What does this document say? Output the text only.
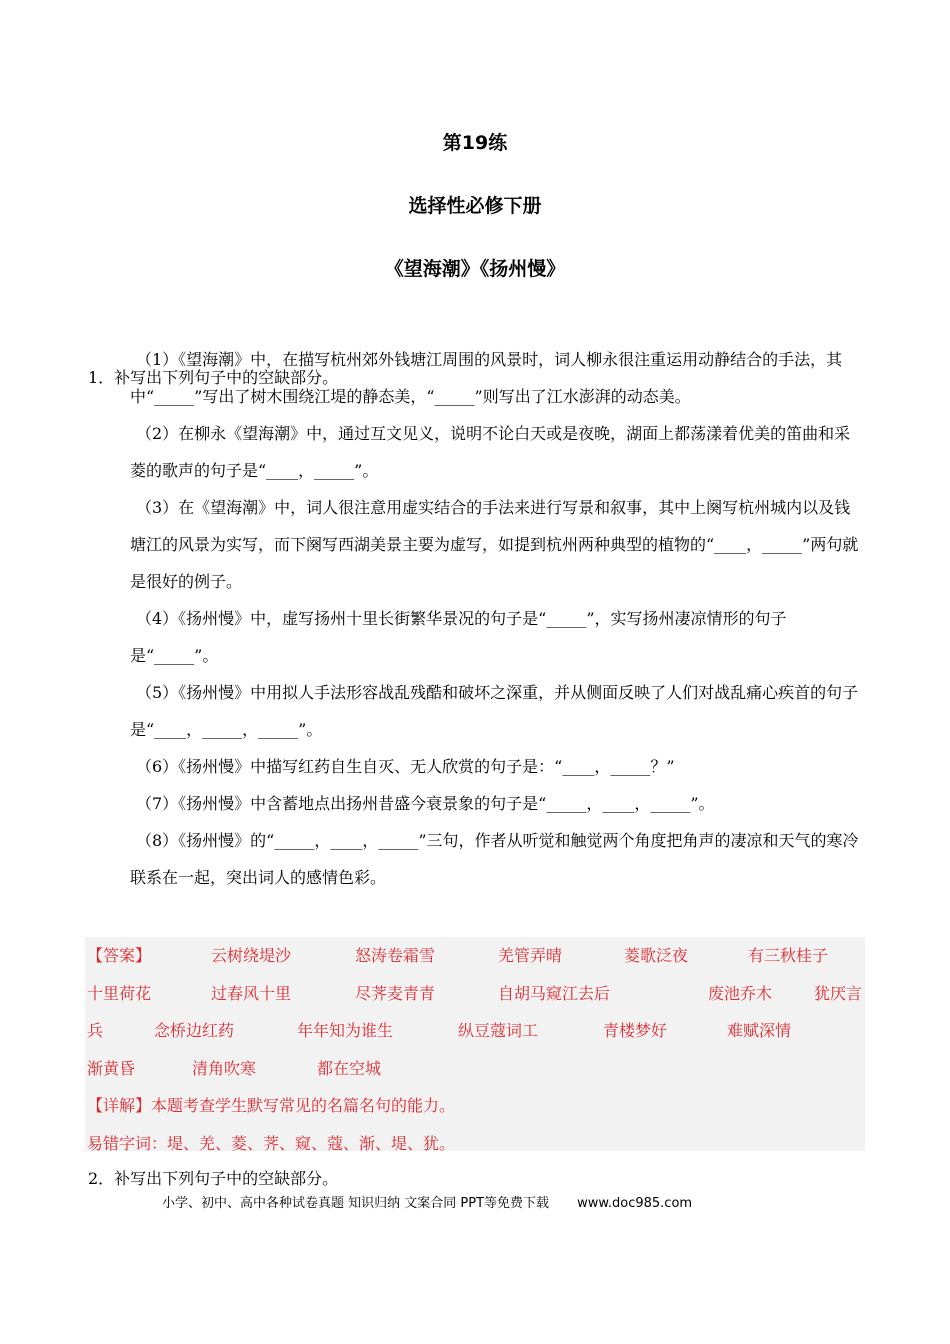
第19练
选择性必修下册
《望海潮》《扬州慢》
1．补写出下列句子中的空缺部分。
（1）《望海潮》中，在描写杭州郊外钱塘江周围的风景时，词人柳永很注重运用动静结合的手法，其中“_____”写出了树木围绕江堤的静态美，“_____”则写出了江水澎湃的动态美。
（2）在柳永《望海潮》中，通过互文见义，说明不论白天或是夜晚，湖面上都荡漾着优美的笛曲和采菱的歌声的句子是“____，_____”。
（3）在《望海潮》中，词人很注意用虚实结合的手法来进行写景和叙事，其中上阕写杭州城内以及钱塘江的风景为实写，而下阕写西湖美景主要为虚写，如提到杭州两种典型的植物的“____，_____”两句就是很好的例子。
（4）《扬州慢》中，虚写扬州十里长街繁华景况的句子是“_____”，实写扬州凄凉情形的句子是“_____”。
（5）《扬州慢》中用拟人手法形容战乱残酷和破坏之深重，并从侧面反映了人们对战乱痛心疾首的句子是“____，_____，_____”。
（6）《扬州慢》中描写红药自生自灭、无人欣赏的句子是：“____，_____？”
（7）《扬州慢》中含蓄地点出扬州昔盛今衰景象的句子是“_____，____，_____”。
（8）《扬州慢》的“_____，____，_____”三句，作者从听觉和触觉两个角度把角声的凄凉和天气的寒冷联系在一起，突出词人的感情色彩。
【答案】	云树绕堤沙	怒涛卷霜雪	羌管弄晴	菱歌泛夜	有三秋桂子
十里荷花	过春风十里	尽荠麦青青	自胡马窥江去后	废池乔木	犹厌言
兵	念桥边红药	年年知为谁生	纵豆蔻词工	青楼梦好	难赋深情
渐黄昏	清角吹寒	都在空城
【详解】本题考查学生默写常见的名篇名句的能力。
易错字词：堤、羌、菱、荠、窥、蔻、渐、堤、犹。
2．补写出下列句子中的空缺部分。
小学、初中、高中各种试卷真题 知识归纳 文案合同 PPT等免费下载 www.doc985.com
